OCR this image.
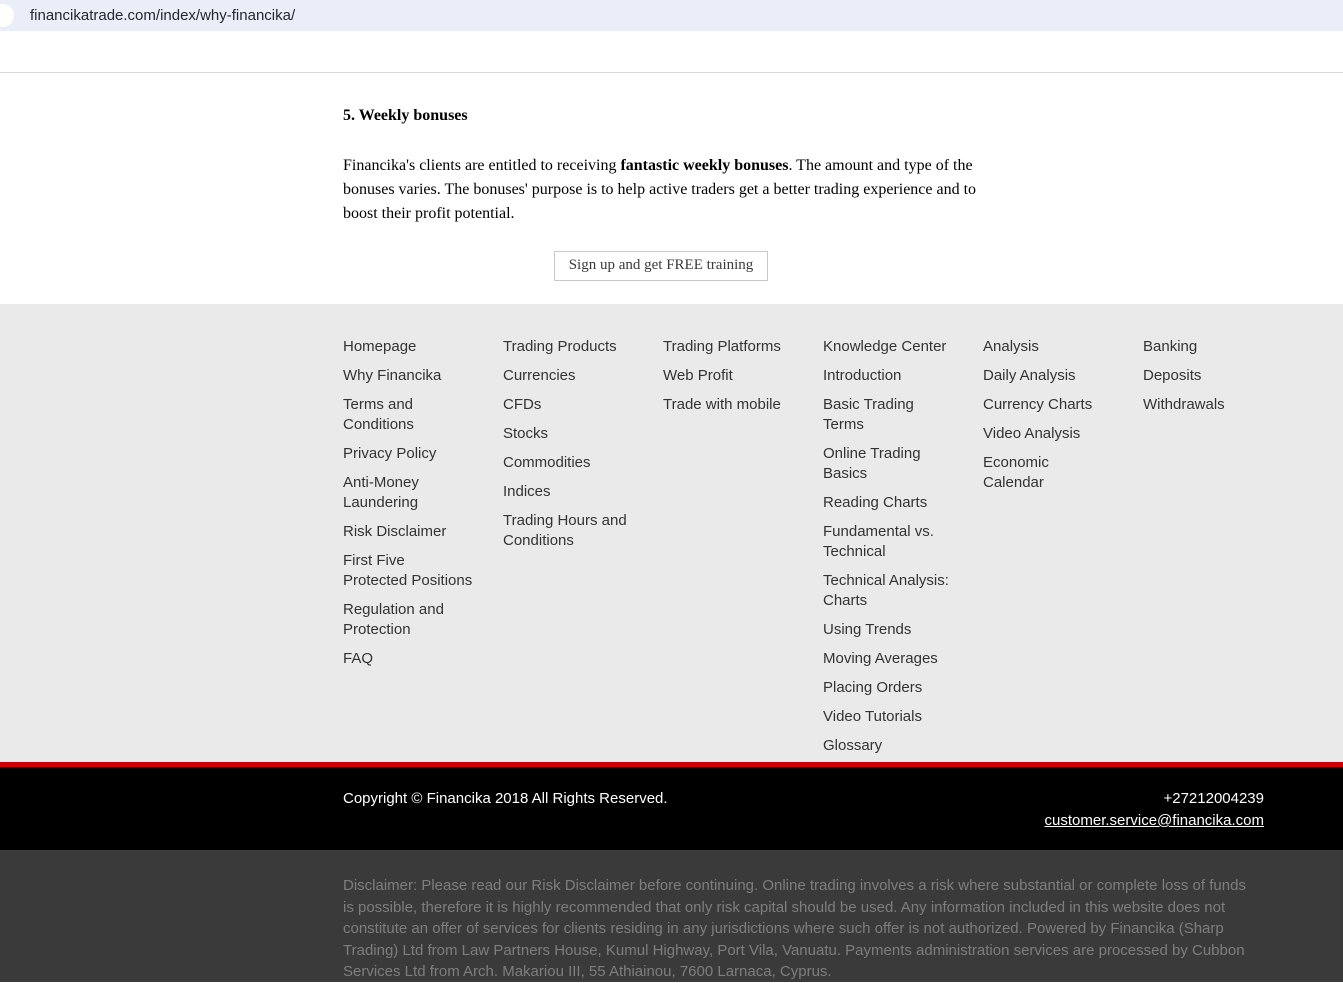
financikatrade.com/index/why-financika/
5. Weekly bonuses

Financika's clients are entitled to receiving fantastic weekly bonuses. The amount and type of the bonuses varies. The bonuses' purpose is to help active traders get a better trading experience and to boost their profit potential.

Sign up and get FREE training
Homepage
Why Financika
Terms and Conditions
Privacy Policy
Anti-Money Laundering
Risk Disclaimer
First Five Protected Positions
Regulation and Protection
FAQ
Trading Products
Currencies
CFDs
Stocks
Commodities
Indices
Trading Hours and Conditions
Trading Platforms
Web Profit
Trade with mobile
Knowledge Center
Introduction
Basic Trading Terms
Online Trading Basics
Reading Charts
Fundamental vs. Technical
Technical Analysis: Charts
Using Trends
Moving Averages
Placing Orders
Video Tutorials
Glossary
Analysis
Daily Analysis
Currency Charts
Video Analysis
Economic Calendar
Banking
Deposits
Withdrawals
Copyright © Financika 2018 All Rights Reserved.	+27212004239
customer.service@financika.com

Disclaimer: Please read our Risk Disclaimer before continuing. Online trading involves a risk where substantial or complete loss of funds is possible, therefore it is highly recommended that only risk capital should be used. Any information included in this website does not constitute an offer of services for clients residing in any jurisdictions where such offer is not authorized. Powered by Financika (Sharp Trading) Ltd from Law Partners House, Kumul Highway, Port Vila, Vanuatu. Payments administration services are processed by Cubbon Services Ltd from Arch. Makariou III, 55 Athiainou, 7600 Larnaca, Cyprus.
